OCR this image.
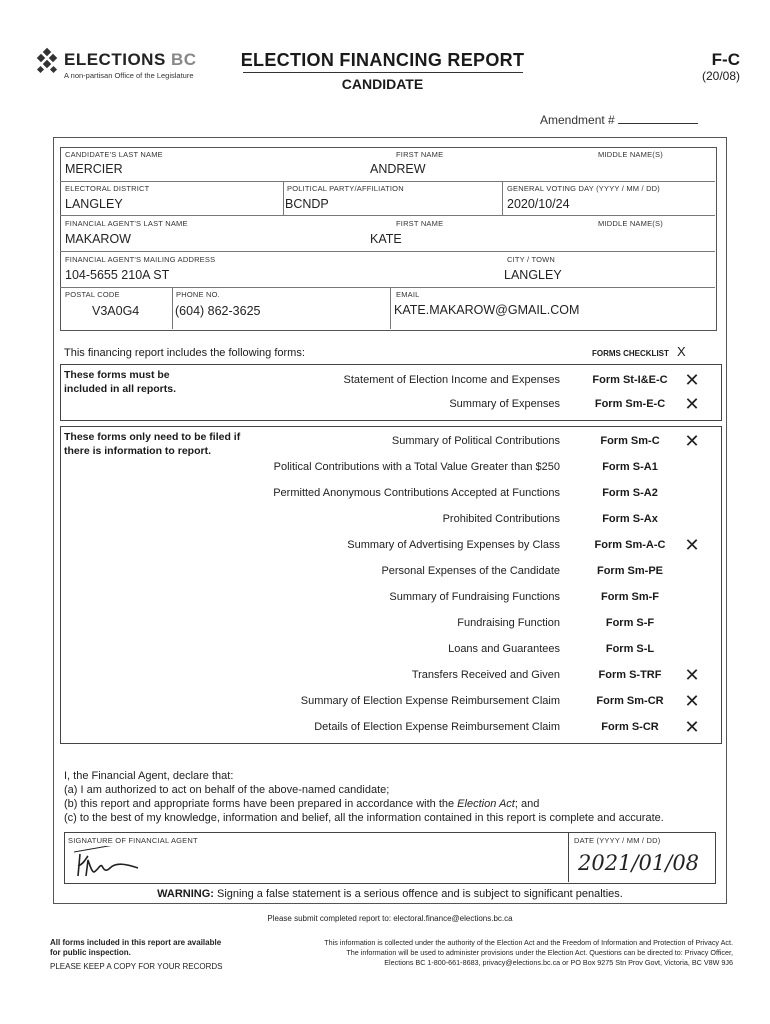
ELECTIONS BC
A non-partisan Office of the Legislature
ELECTION FINANCING REPORT
CANDIDATE
F-C
(20/08)
Amendment #
CANDIDATE'S LAST NAME
MERCIER
FIRST NAME
ANDREW
MIDDLE NAME(S)
ELECTORAL DISTRICT
LANGLEY
POLITICAL PARTY/AFFILIATION
BCNDP
GENERAL VOTING DAY (YYYY / MM / DD)
2020/10/24
FINANCIAL AGENT'S LAST NAME
MAKAROW
FIRST NAME
KATE
MIDDLE NAME(S)
FINANCIAL AGENT'S MAILING ADDRESS
104-5655 210A ST
CITY / TOWN
LANGLEY
POSTAL CODE
V3A0G4
PHONE NO.
(604) 862-3625
EMAIL
KATE.MAKAROW@GMAIL.COM
This financing report includes the following forms:	FORMS CHECKLIST X
These forms must be included in all reports.
Statement of Election Income and Expenses	Form St-I&E-C ✕
Summary of Expenses	Form Sm-E-C	✕
These forms only need to be filed if there is information to report.
Summary of Political Contributions	Form Sm-C	✕
Political Contributions with a Total Value Greater than $250	Form S-A1
Permitted Anonymous Contributions Accepted at Functions	Form S-A2
Prohibited Contributions	Form S-Ax
Summary of Advertising Expenses by Class	Form Sm-A-C	✕
Personal Expenses of the Candidate	Form Sm-PE
Summary of Fundraising Functions	Form Sm-F
Fundraising Function	Form S-F
Loans and Guarantees	Form S-L
Transfers Received and Given	Form S-TRF	✕
Summary of Election Expense Reimbursement Claim	Form Sm-CR	✕
Details of Election Expense Reimbursement Claim	Form S-CR	✕
I, the Financial Agent, declare that:
(a) I am authorized to act on behalf of the above-named candidate;
(b) this report and appropriate forms have been prepared in accordance with the Election Act; and
(c) to the best of my knowledge, information and belief, all the information contained in this report is complete and accurate.
SIGNATURE OF FINANCIAL AGENT	DATE (YYYY / MM / DD)
2021/01/08
WARNING: Signing a false statement is a serious offence and is subject to significant penalties.
Please submit completed report to: electoral.finance@elections.bc.ca
All forms included in this report are available
for public inspection.
PLEASE KEEP A COPY FOR YOUR RECORDS
This information is collected under the authority of the Election Act and the Freedom of Information and Protection of Privacy Act.
The information will be used to administer provisions under the Election Act. Questions can be directed to: Privacy Officer,
Elections BC 1-800-661-8683, privacy@elections.bc.ca or PO Box 9275 Stn Prov Govt, Victoria, BC V8W 9J6
